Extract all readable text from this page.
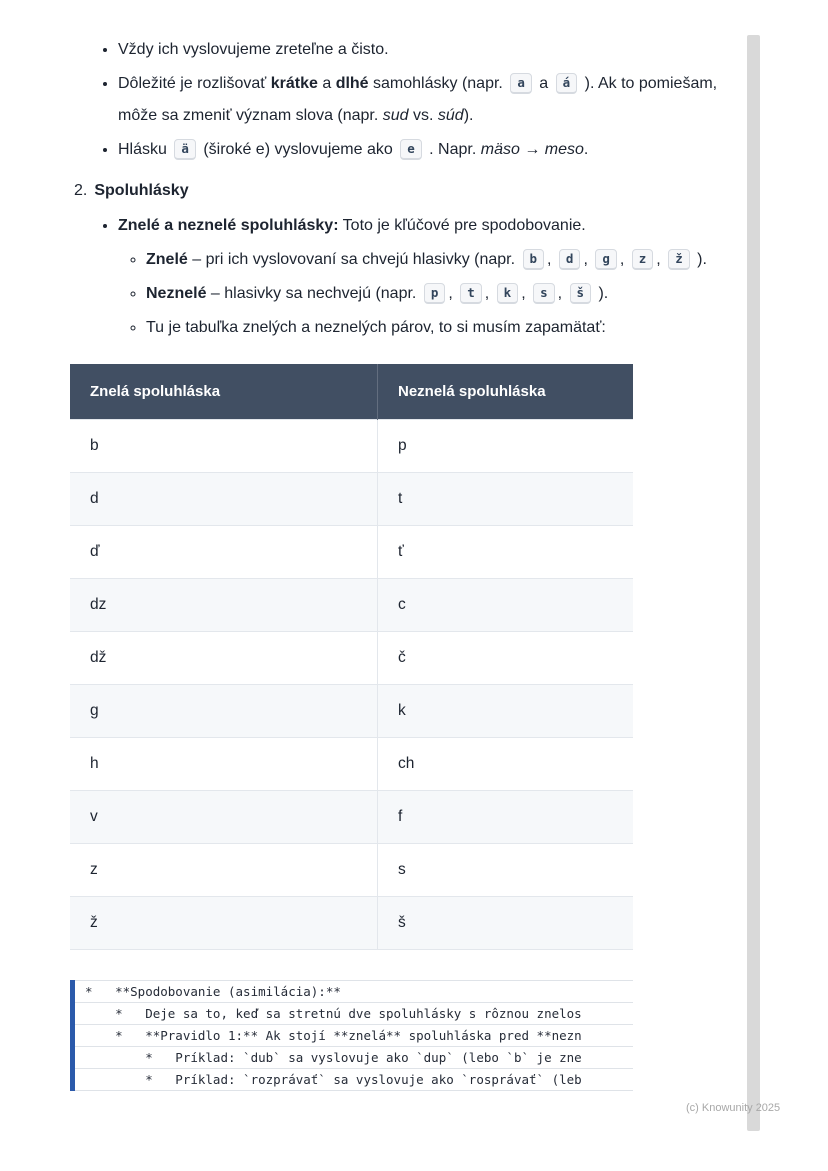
• Vždy ich vyslovujeme zreteľne a čisto.
• Dôležité je rozlišovať krátke a dlhé samohlásky (napr. a a á ). Ak to pomiešam, môže sa zmeniť význam slova (napr. sud vs. súd).
• Hlásku ä (široké e) vyslovujeme ako e . Napr. mäso → meso.
2. Spoluhlásky
• Znelé a neznelé spoluhlásky: Toto je kľúčové pre spodobovanie.
◦ Znelé – pri ich vyslovovaní sa chvejú hlasivky (napr. b , d , g , z , ž ).
◦ Neznelé – hlasivky sa nechvejú (napr. p , t , k , s , š ).
◦ Tu je tabuľka znelých a neznelých párov, to si musím zapamätať:
Znelá spoluhláska	Neznelá spoluhláska
b	p
d	t
ď	ť
dz	c
dž	č
g	k
h	ch
v	f
z	s
ž	š
*   **Spodobovanie (asimilácia):**
*   Deje sa to, keď sa stretnú dve spoluhlásky s rôznou znelos
*   **Pravidlo 1:** Ak stojí **znelá** spoluhláska pred **nezn
*   Príklad: `dub` sa vyslovuje ako `dup` (lebo `b` je zne
*   Príklad: `rozprávať` sa vyslovuje ako `rosprávať` (leb
(c) Knowunity 2025
